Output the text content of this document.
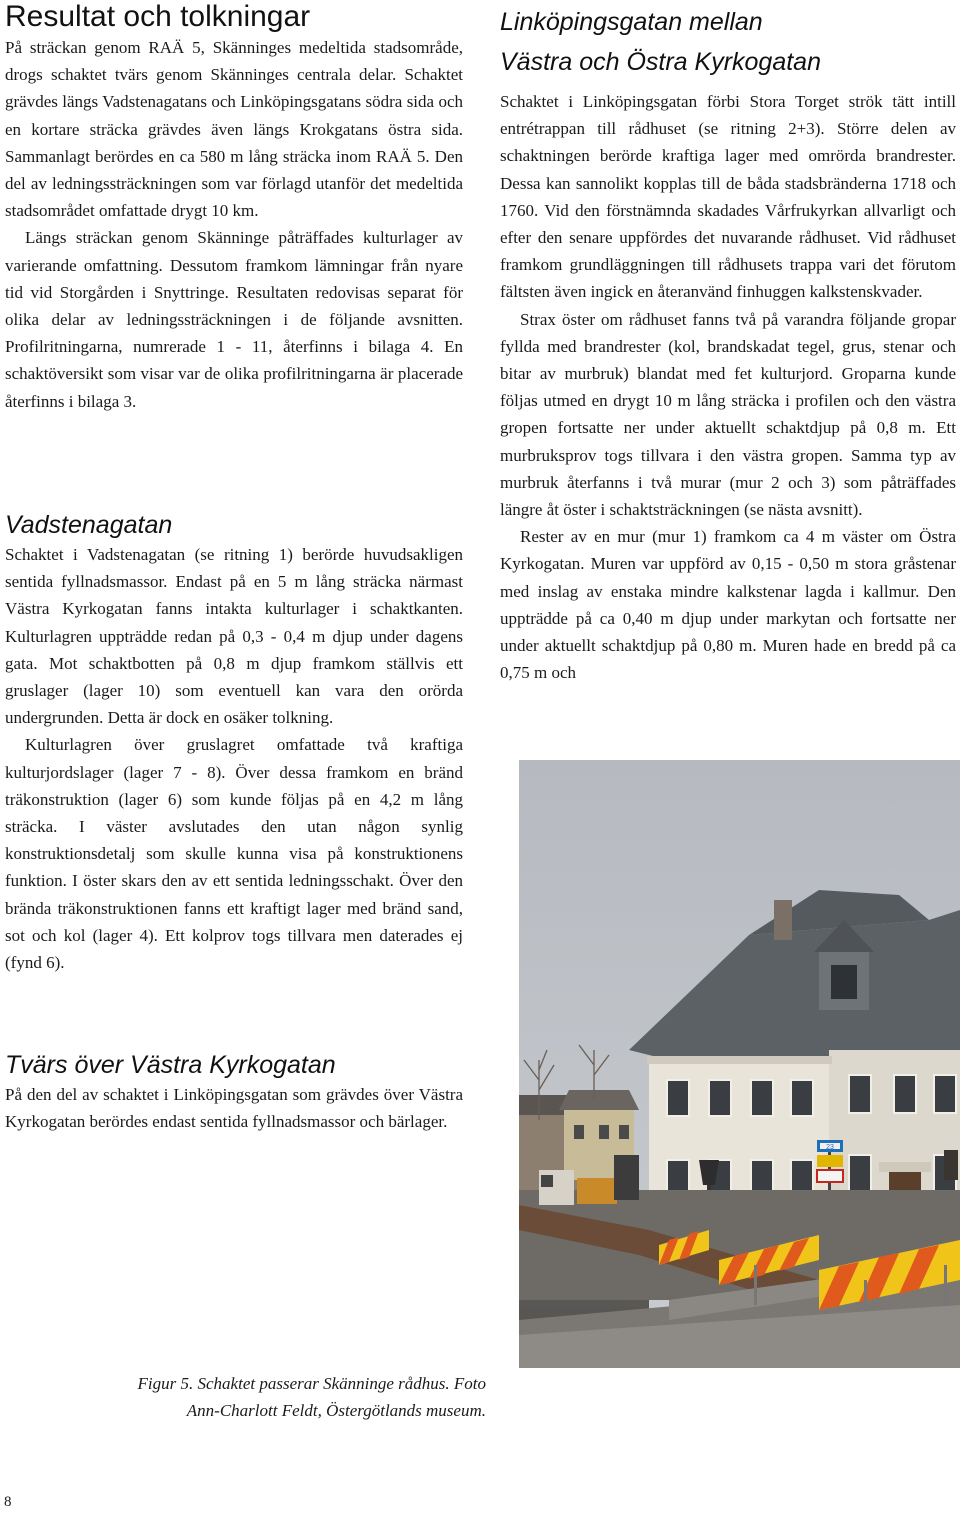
Resultat och tolkningar

På sträckan genom RAÄ 5, Skänninges medeltida stadsområde, drogs schaktet tvärs genom Skänninges centrala delar. Schaktet grävdes längs Vadstenagatans och Linköpingsgatans södra sida och en kortare sträcka grävdes även längs Krokgatans östra sida. Sammanlagt berördes en ca 580 m lång sträcka inom RAÄ 5. Den del av ledningssträckningen som var förlagd utanför det medeltida stadsområdet omfattade drygt 10 km.

Längs sträckan genom Skänninge påträffades kulturlager av varierande omfattning. Dessutom framkom lämningar från nyare tid vid Storgården i Snyttringe. Resultaten redovisas separat för olika delar av ledningssträckningen i de följande avsnitten. Profilritningarna, numrerade 1 - 11, återfinns i bilaga 4. En schaktöversikt som visar var de olika profilritningarna är placerade återfinns i bilaga 3.

Vadstenagatan

Schaktet i Vadstenagatan (se ritning 1) berörde huvudsakligen sentida fyllnadsmassor. Endast på en 5 m lång sträcka närmast Västra Kyrkogatan fanns intakta kulturlager i schaktkanten. Kulturlagren uppträdde redan på 0,3 - 0,4 m djup under dagens gata. Mot schaktbotten på 0,8 m djup framkom ställvis ett gruslager (lager 10) som eventuell kan vara den orörda undergrunden. Detta är dock en osäker tolkning.

Kulturlagren över gruslagret omfattade två kraftiga kulturjordslager (lager 7 - 8). Över dessa framkom en bränd träkonstruktion (lager 6) som kunde följas på en 4,2 m lång sträcka. I väster avslutades den utan någon synlig konstruktionsdetalj som skulle kunna visa på konstruktionens funktion. I öster skars den av ett sentida ledningsschakt. Över den brända träkonstruktionen fanns ett kraftigt lager med bränd sand, sot och kol (lager 4). Ett kolprov togs tillvara men daterades ej (fynd 6).

Tvärs över Västra Kyrkogatan

På den del av schaktet i Linköpingsgatan som grävdes över Västra Kyrkogatan berördes endast sentida fyllnadsmassor och bärlager.

Linköpingsgatan mellan
Västra och Östra Kyrkogatan

Schaktet i Linköpingsgatan förbi Stora Torget strök tätt intill entrétrappan till rådhuset (se ritning 2+3). Större delen av schaktningen berörde kraftiga lager med omrörda brandrester. Dessa kan sannolikt kopplas till de båda stadsbränderna 1718 och 1760. Vid den förstnämnda skadades Vårfrukyrkan allvarligt och efter den senare uppfördes det nuvarande rådhuset. Vid rådhuset framkom grundläggningen till rådhusets trappa vari det förutom fältsten även ingick en återanvänd finhuggen kalkstenskvader.

Strax öster om rådhuset fanns två på varandra följande gropar fyllda med brandrester (kol, brandskadat tegel, grus, stenar och bitar av murbruk) blandat med fet kulturjord. Groparna kunde följas utmed en drygt 10 m lång sträcka i profilen och den västra gropen fortsatte ner under aktuellt schaktdjup på 0,8 m. Ett murbruksprov togs tillvara i den västra gropen. Samma typ av murbruk återfanns i två murar (mur 2 och 3) som påträffades längre åt öster i schaktsträckningen (se nästa avsnitt).

Rester av en mur (mur 1) framkom ca 4 m väster om Östra Kyrkogatan. Muren var uppförd av 0,15 - 0,50 m stora gråstenar med inslag av enstaka mindre kalkstenar lagda i kallmur. Den uppträdde på ca 0,40 m djup under markytan och fortsatte ner under aktuellt schaktdjup på 0,80 m. Muren hade en bredd på ca 0,75 m och

23
Figur 5. Schaktet passerar Skänninge rådhus. Foto
Ann-Charlott Feldt, Östergötlands museum.
8
